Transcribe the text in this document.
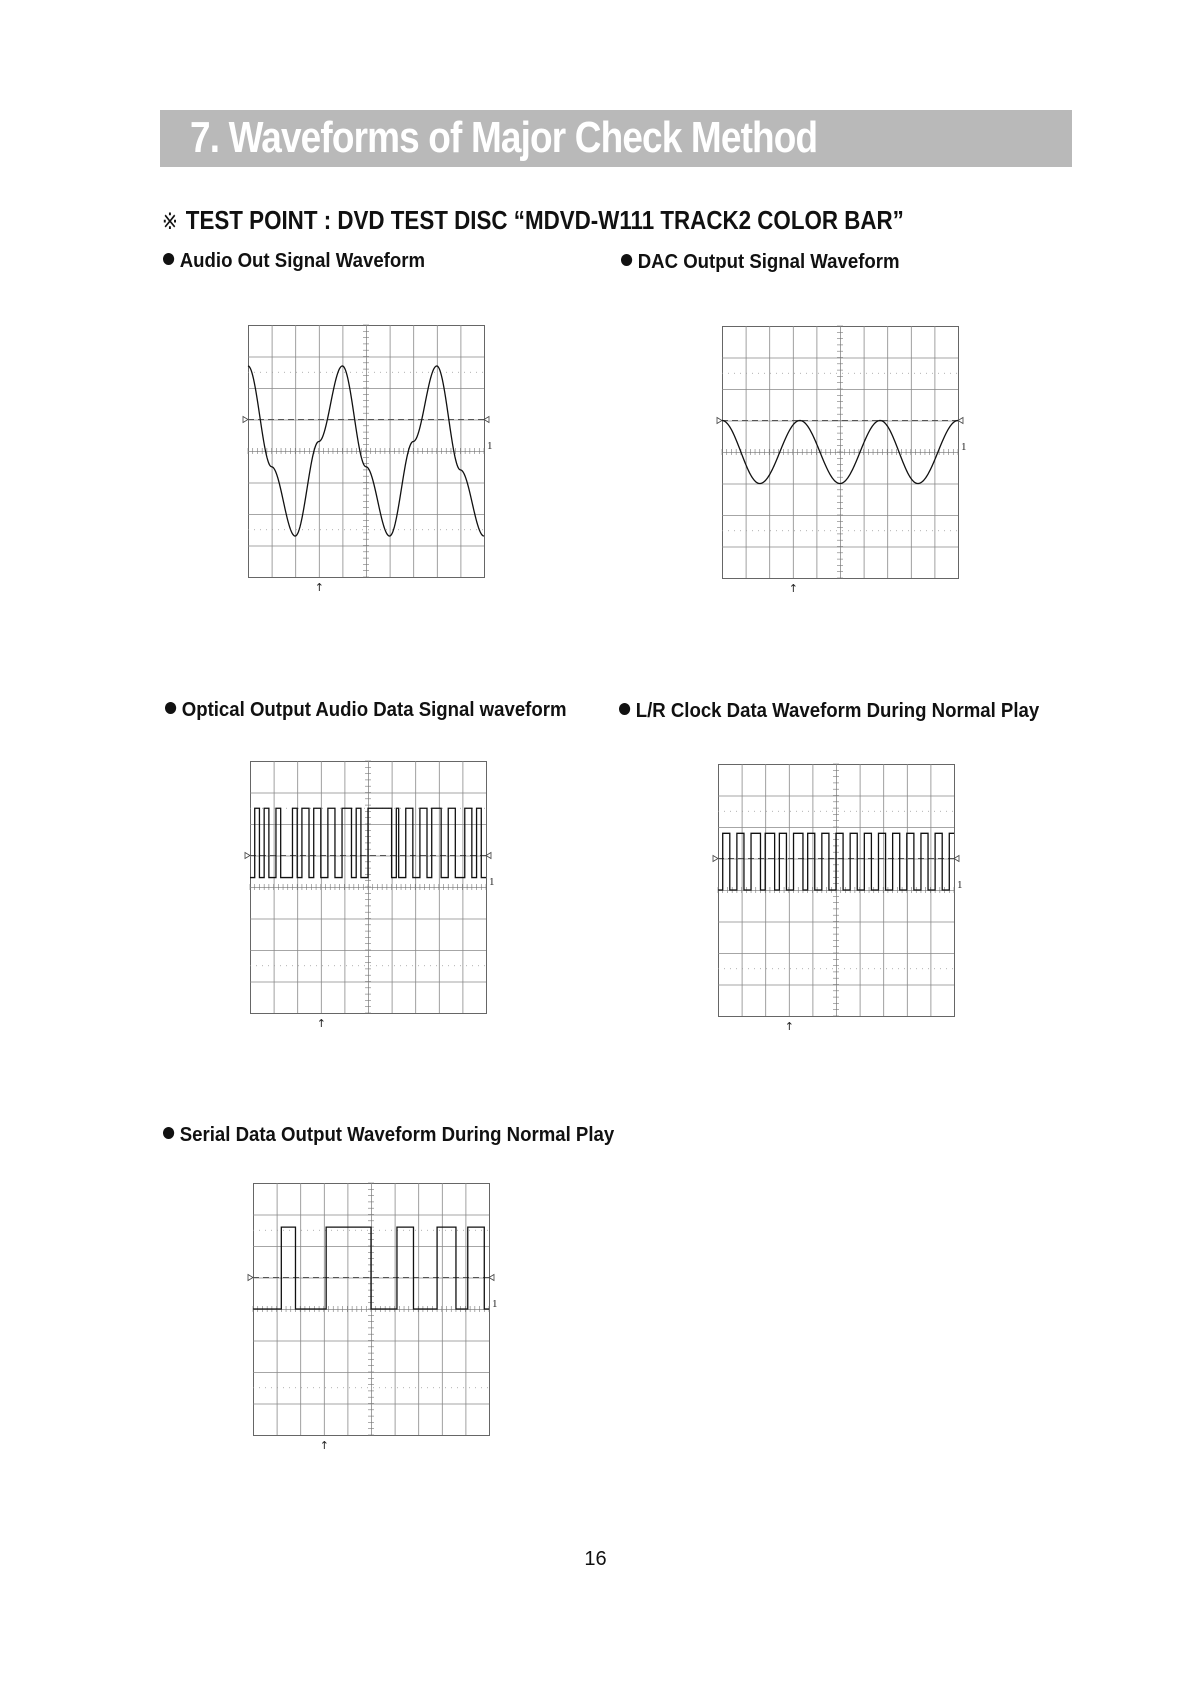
7. Waveforms of Major Check Method
※ TEST POINT : DVD TEST DISC “MDVD-W111 TRACK2 COLOR BAR”
Audio Out Signal Waveform	DAC Output Signal Waveform
Optical Output Audio Data Signal waveform	L/R Clock Data Waveform During Normal Play
Serial Data Output Waveform During Normal Play
1
↑
1
↑
1
↑
1
↑
1
↑
16
